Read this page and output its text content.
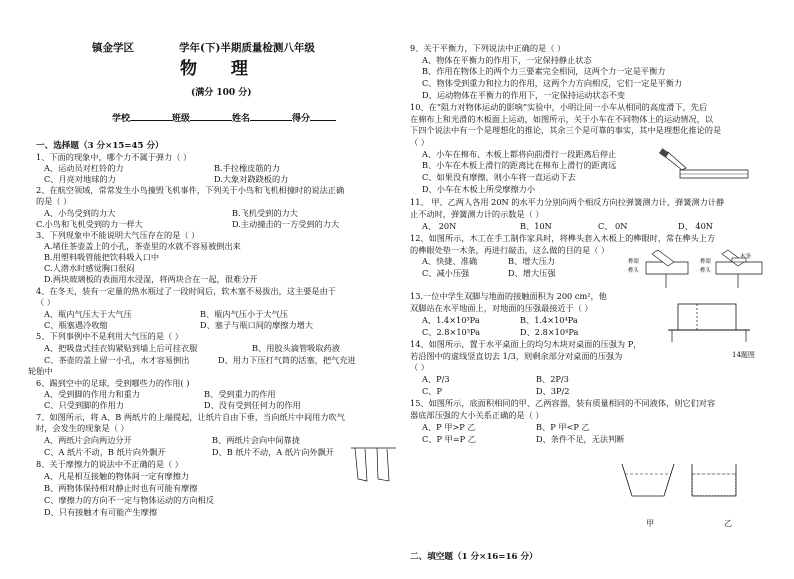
镇金学区	学年(下)半期质量检测八年级
物 理
(满分 100 分)
学校	班级	姓名	得分
一、选择题（3 分×15=45 分）
1、下面的现象中，哪个力不属于弹力（ ）
A、运动员对杠铃的力	B.手拉橡皮筋的力
C、月亮对地球的力	D.大象对跷跷板的力
2、在航空领域，常常发生小鸟撞毁飞机事件，下列关于小鸟和飞机相撞时的说法正确
的是（ ）
A、小鸟受到的力大	B.飞机受到的力大
C.小鸟和飞机受到的力一样大	D.主动撞击的一方受到的力大
3、下列现象中不能说明大气压存在的是（ ）
A.堵住茶壶盖上的小孔，茶壶里的水就不容易被倒出来
B.用塑料吸管能把饮料吸入口中
C.人潜水时感觉胸口很闷
D.两块玻璃板的表面用水浸湿，将两块合在一起，很难分开
4、在冬天，装有一定量的热水瓶过了一段时间后，软木塞不易拔出，这主要是由于
（ ）
A、瓶内气压大于大气压	B、瓶内气压小于大气压
C、瓶塞遇冷收缩	D、塞子与瓶口间的摩擦力增大
5、下列事例中不是利用大气压的是（ ）
A、把吸盘式挂衣钩紧贴到墙上后可挂衣服	B、用胶头滴管吸取药液
C、茶壶的盖上留一小孔，水才容易倒出	D、用力下压打气筒的活塞，把气充进
轮胎中
6、踢到空中的足球，受到哪些力的作用( )
A、受到脚的作用力和重力	B、受到重力的作用
C、只受到脚的作用力	D、没有受到任何力的作用
7、如图所示，将 A、B 两纸片的上端提起，让纸片自由下垂，当向纸片中间用力吹气
时，会发生的现象是（ ）
A、两纸片会向两边分开	B、两纸片会向中间靠拢
C、A 纸片不动，B 纸片向外飘开	D、B 纸片不动，A 纸片向外飘开
8、关于摩擦力的说法中不正确的是（ ）
A、凡是相互接触的物体间一定有摩擦力
B、两物体保持相对静止时也有可能有摩擦
C、摩擦力的方向不一定与物体运动的方向相反
D、只有接触才有可能产生摩擦
9、关于平衡力，下列说法中正确的是（ ）
A、物体在平衡力的作用下，一定保持静止状态
B、作用在物体上的两个力三要素完全相同，这两个力一定是平衡力
C、物体受到重力和拉力的作用，这两个力方向相反，它们一定是平衡力
D、运动物体在平衡力的作用下，一定保持运动状态不变
10、在“阻力对物体运动的影响”实验中，小明让同一小车从相同的高度滑下，先后
在棉布上和光滑的木板面上运动，如图所示，关于小车在不同物体上的运动情况，以
下四个说法中有一个是理想化的推论，其余三个是可靠的事实，其中是理想化推论的是
（ ）
A、小车在棉布、木板上都将向前滑行一段距离后停止
B、小车在木板上滑行的距离比在棉布上滑行的距离远
C、如果没有摩擦，则小车将一直运动下去
D、小车在木板上所受摩擦力小
11、 甲、乙两人各用 20N 的水平力分别向两个相反方向拉弹簧测力计，弹簧测力计静
止不动时，弹簧测力计的示数是（ ）
A、 20N	B、10N	C、 0N	D、 40N
12、如图所示，木工在手工制作家具时，将榫头套入木板上的榫眼时，常在榫头上方
的榫眼处垫一木条，再进行敲击，这么做的目的是（ ）
A、快捷、准确	B、增大压力
C、减小压强	D、增大压强
榫眼
榫头
木条
榫眼
榫头
13.一位中学生双脚与地面的接触面积为 200 cm²，他
双脚站在水平地面上，对地面的压强最接近于（ ）
A、1.4×10³Pa	B、1.4×10⁴Pa
C、2.8×10³Pa	D、2.8×10⁴Pa
14题图
14、如图所示，置于水平桌面上的均匀木块对桌面的压强为 P，
若沿图中的虚线竖直切去 1/3，则剩余部分对桌面的压强为
（ ）
A、P/3	B、2P/3
C、P	D、3P/2
15、如图所示，底面积相同的甲、乙两容器，装有质量相同的不同液体，则它们对容
器底部压强的大小关系正确的是（ ）
A、P 甲>P 乙	B、P 甲<P 乙
C、P 甲=P 乙	D、条件不足，无法判断
甲	乙
二、填空题（1 分×16=16 分）
